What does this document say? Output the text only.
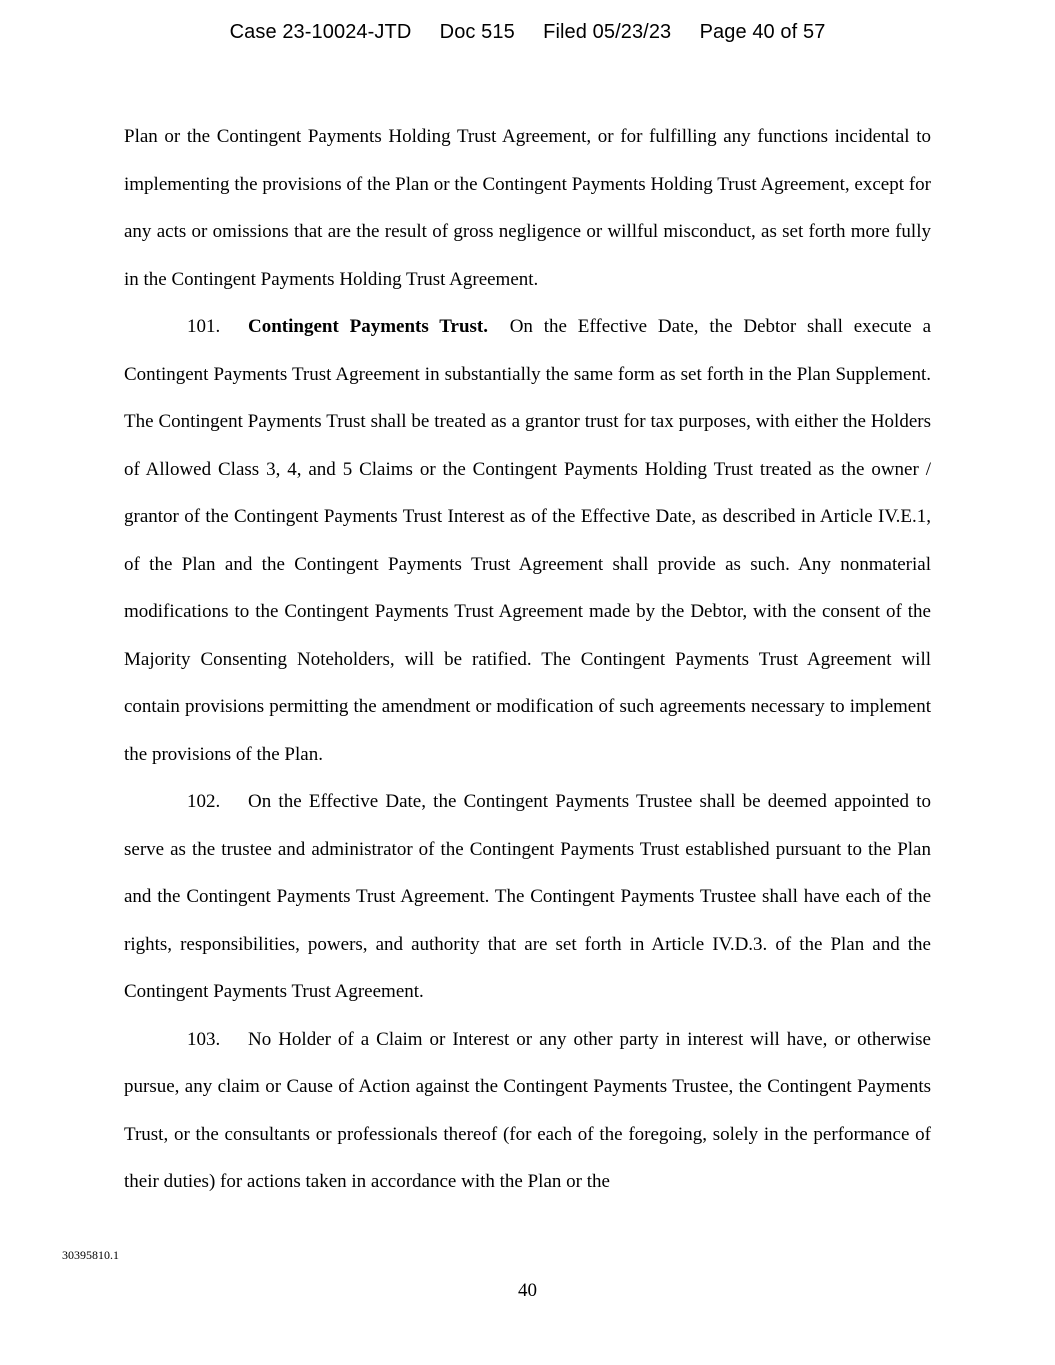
Case 23-10024-JTD     Doc 515     Filed 05/23/23     Page 40 of 57

Plan or the Contingent Payments Holding Trust Agreement, or for fulfilling any functions incidental to implementing the provisions of the Plan or the Contingent Payments Holding Trust Agreement, except for any acts or omissions that are the result of gross negligence or willful misconduct, as set forth more fully in the Contingent Payments Holding Trust Agreement.

101. Contingent Payments Trust. On the Effective Date, the Debtor shall execute a Contingent Payments Trust Agreement in substantially the same form as set forth in the Plan Supplement. The Contingent Payments Trust shall be treated as a grantor trust for tax purposes, with either the Holders of Allowed Class 3, 4, and 5 Claims or the Contingent Payments Holding Trust treated as the owner / grantor of the Contingent Payments Trust Interest as of the Effective Date, as described in Article IV.E.1, of the Plan and the Contingent Payments Trust Agreement shall provide as such. Any nonmaterial modifications to the Contingent Payments Trust Agreement made by the Debtor, with the consent of the Majority Consenting Noteholders, will be ratified. The Contingent Payments Trust Agreement will contain provisions permitting the amendment or modification of such agreements necessary to implement the provisions of the Plan.

102. On the Effective Date, the Contingent Payments Trustee shall be deemed appointed to serve as the trustee and administrator of the Contingent Payments Trust established pursuant to the Plan and the Contingent Payments Trust Agreement. The Contingent Payments Trustee shall have each of the rights, responsibilities, powers, and authority that are set forth in Article IV.D.3. of the Plan and the Contingent Payments Trust Agreement.

103. No Holder of a Claim or Interest or any other party in interest will have, or otherwise pursue, any claim or Cause of Action against the Contingent Payments Trustee, the Contingent Payments Trust, or the consultants or professionals thereof (for each of the foregoing, solely in the performance of their duties) for actions taken in accordance with the Plan or the

30395810.1
40
